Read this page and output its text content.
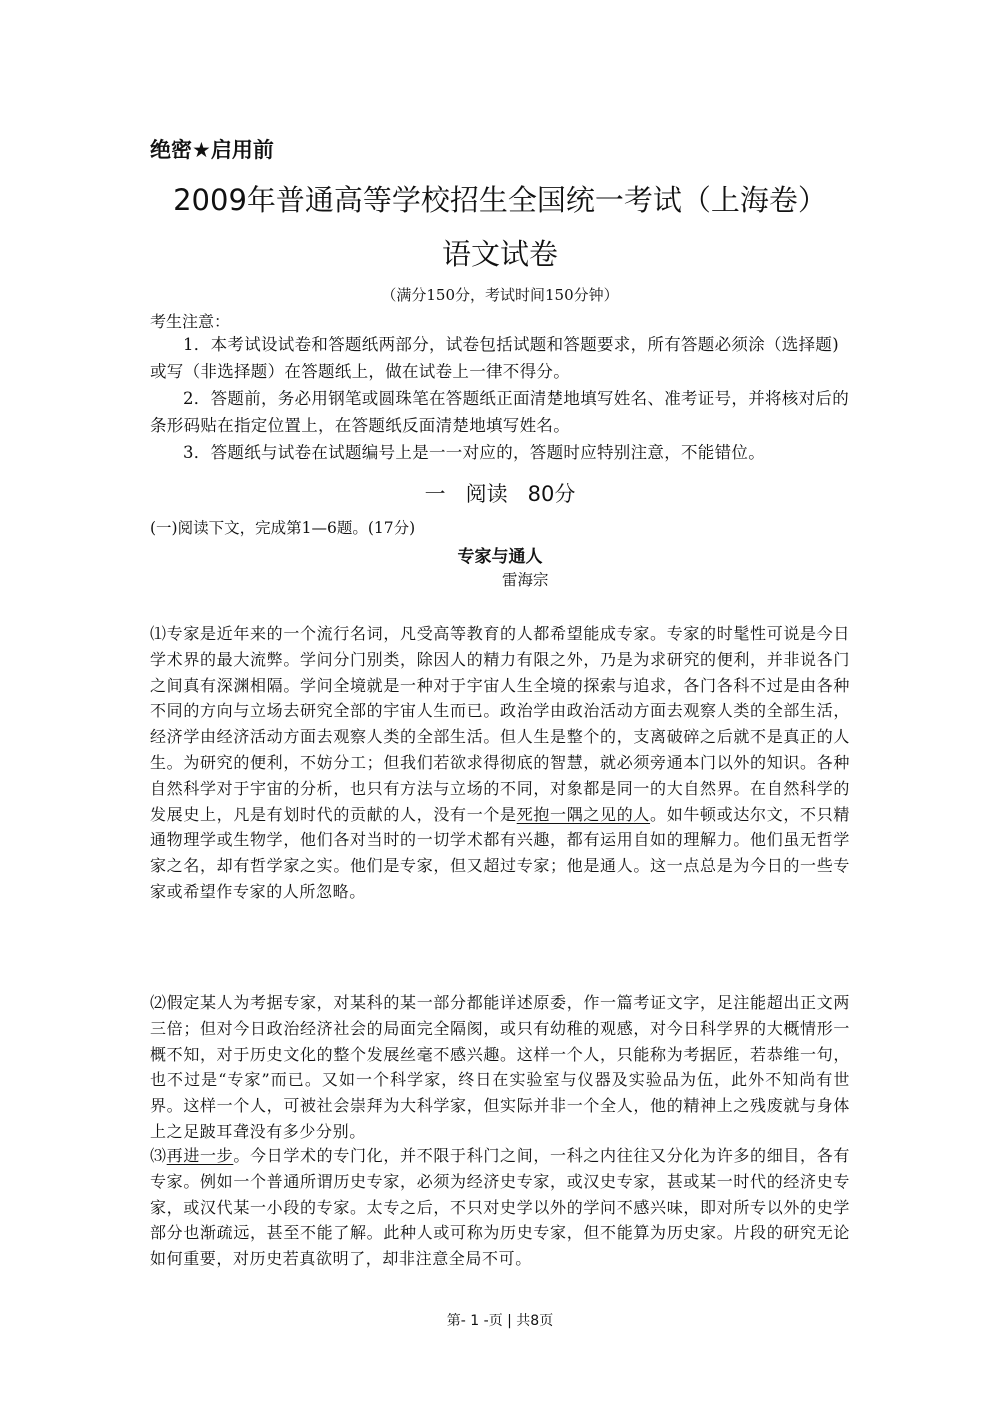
绝密★启用前
2009年普通高等学校招生全国统一考试（上海卷）
语文试卷
（满分150分，考试时间150分钟）
考生注意：
1．本考试设试卷和答题纸两部分，试卷包括试题和答题要求，所有答题必须涂（选择题)或写（非选择题）在答题纸上，做在试卷上一律不得分。
2．答题前，务必用钢笔或圆珠笔在答题纸正面清楚地填写姓名、准考证号，并将核对后的条形码贴在指定位置上，在答题纸反面清楚地填写姓名。
3．答题纸与试卷在试题编号上是一一对应的，答题时应特别注意，不能错位。
一 阅读 80分
(一)阅读下文，完成第1—6题。(17分)
专家与通人
雷海宗
⑴专家是近年来的一个流行名词，凡受高等教育的人都希望能成专家。专家的时髦性可说是今日学术界的最大流弊。学问分门别类，除因人的精力有限之外，乃是为求研究的便利，并非说各门之间真有深渊相隔。学问全境就是一种对于宇宙人生全境的探索与追求，各门各科不过是由各种不同的方向与立场去研究全部的宇宙人生而已。政治学由政治活动方面去观察人类的全部生活，经济学由经济活动方面去观察人类的全部生活。但人生是整个的，支离破碎之后就不是真正的人生。为研究的便利，不妨分工；但我们若欲求得彻底的智慧，就必须旁通本门以外的知识。各种自然科学对于宇宙的分析，也只有方法与立场的不同，对象都是同一的大自然界。在自然科学的发展史上，凡是有划时代的贡献的人，没有一个是死抱一隅之见的人。如牛顿或达尔文，不只精通物理学或生物学，他们各对当时的一切学术都有兴趣，都有运用自如的理解力。他们虽无哲学家之名，却有哲学家之实。他们是专家，但又超过专家；他是通人。这一点总是为今日的一些专家或希望作专家的人所忽略。
⑵假定某人为考据专家，对某科的某一部分都能详述原委，作一篇考证文字，足注能超出正文两三倍；但对今日政治经济社会的局面完全隔阂，或只有幼稚的观感，对今日科学界的大概情形一概不知，对于历史文化的整个发展丝毫不感兴趣。这样一个人，只能称为考据匠，若恭维一句，也不过是“专家”而已。又如一个科学家，终日在实验室与仪器及实验品为伍，此外不知尚有世界。这样一个人，可被社会崇拜为大科学家，但实际并非一个全人，他的精神上之残废就与身体上之足跛耳聋没有多少分别。
⑶再进一步。今日学术的专门化，并不限于科门之间，一科之内往往又分化为许多的细目，各有专家。例如一个普通所谓历史专家，必须为经济史专家，或汉史专家，甚或某一时代的经济史专家，或汉代某一小段的专家。太专之后，不只对史学以外的学问不感兴味，即对所专以外的史学部分也渐疏远，甚至不能了解。此种人或可称为历史专家，但不能算为历史家。片段的研究无论如何重要，对历史若真欲明了，却非注意全局不可。
第- 1 -页 | 共8页
